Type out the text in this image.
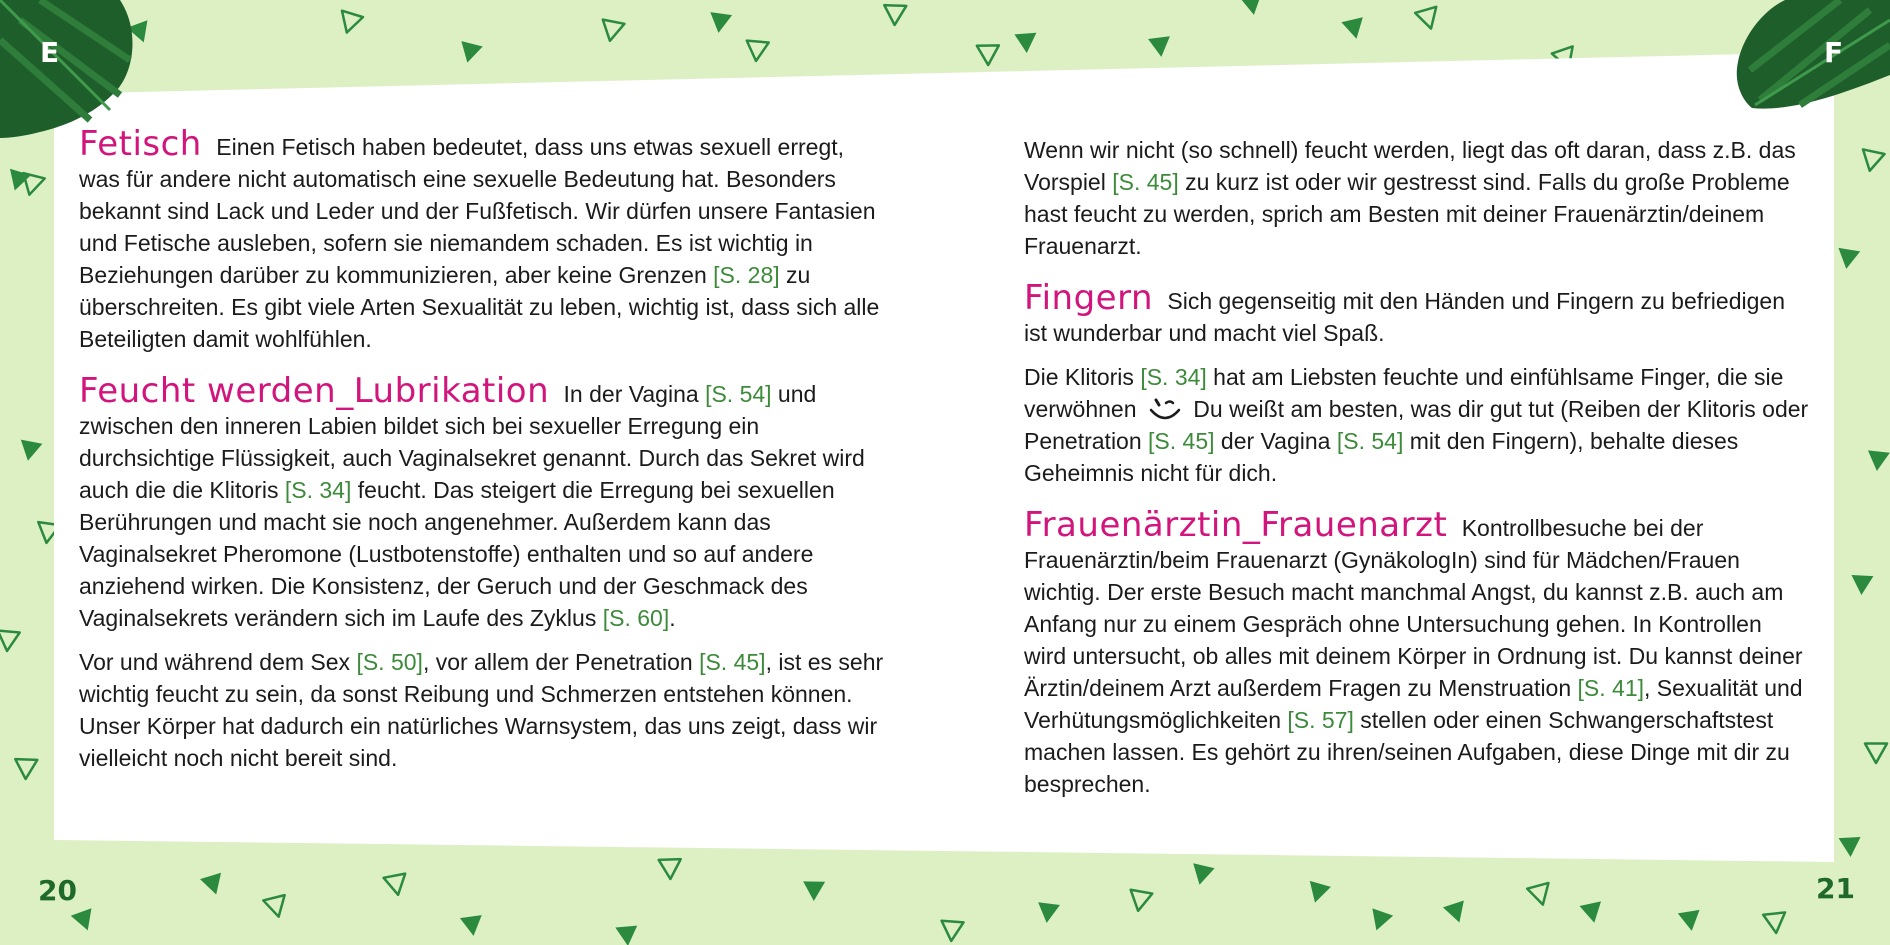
E	F
20	21

Fetisch Einen Fetisch haben bedeutet, dass uns etwas sexuell erregt, was für andere nicht automatisch eine sexuelle Bedeutung hat. Besonders bekannt sind Lack und Leder und der Fußfetisch. Wir dürfen unsere Fantasien und Fetische ausleben, sofern sie niemandem schaden. Es ist wichtig in Beziehungen darüber zu kommunizieren, aber keine Grenzen [S. 28] zu überschreiten. Es gibt viele Arten Sexualität zu leben, wichtig ist, dass sich alle Beteiligten damit wohlfühlen.

Feucht werden_Lubrikation In der Vagina [S. 54] und zwischen den inneren Labien bildet sich bei sexueller Erregung ein durchsichtige Flüssigkeit, auch Vaginalsekret genannt. Durch das Sekret wird auch die die Klitoris [S. 34] feucht. Das steigert die Erregung bei sexuellen Berührungen und macht sie noch angenehmer. Außerdem kann das Vaginalsekret Pheromone (Lustbotenstoffe) enthalten und so auf andere anziehend wirken. Die Konsistenz, der Geruch und der Geschmack des Vaginalsekrets verändern sich im Laufe des Zyklus [S. 60].

Vor und während dem Sex [S. 50], vor allem der Penetration [S. 45], ist es sehr wichtig feucht zu sein, da sonst Reibung und Schmerzen entstehen können. Unser Körper hat dadurch ein natürliches Warnsystem, das uns zeigt, dass wir vielleicht noch nicht bereit sind.

Wenn wir nicht (so schnell) feucht werden, liegt das oft daran, dass z.B. das Vorspiel [S. 45] zu kurz ist oder wir gestresst sind. Falls du große Probleme hast feucht zu werden, sprich am Besten mit deiner Frauenärztin/deinem Frauenarzt.

Fingern Sich gegenseitig mit den Händen und Fingern zu befriedigen ist wunderbar und macht viel Spaß.

Die Klitoris [S. 34] hat am Liebsten feuchte und einfühlsame Finger, die sie verwöhnen  Du weißt am besten, was dir gut tut (Reiben der Klitoris oder Penetration [S. 45] der Vagina [S. 54] mit den Fingern), behalte dieses Geheimnis nicht für dich.

Frauenärztin_Frauenarzt Kontrollbesuche bei der Frauenärztin/beim Frauenarzt (GynäkologIn) sind für Mädchen/Frauen wichtig. Der erste Besuch macht manchmal Angst, du kannst z.B. auch am Anfang nur zu einem Gespräch ohne Untersuchung gehen. In Kontrollen wird untersucht, ob alles mit deinem Körper in Ordnung ist. Du kannst deiner Ärztin/deinem Arzt außerdem Fragen zu Menstruation [S. 41], Sexualität und Verhütungsmöglichkeiten [S. 57] stellen oder einen Schwangerschaftstest machen lassen. Es gehört zu ihren/seinen Aufgaben, diese Dinge mit dir zu besprechen.
